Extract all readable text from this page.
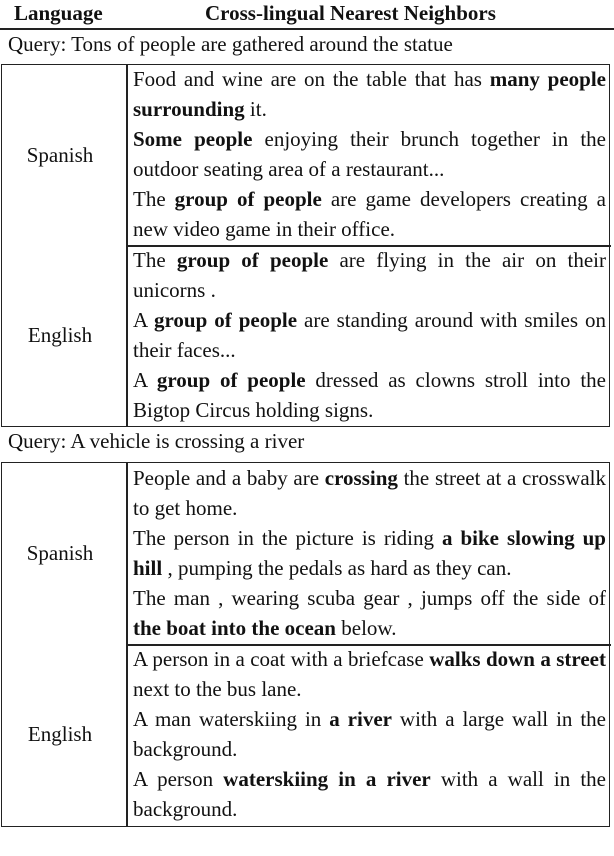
Language	Cross-lingual Nearest Neighbors
Query: Tons of people are gathered around the statue
Spanish
Food and wine are on the table that has many people surrounding it.
Some people enjoying their brunch together in the outdoor seating area of a restaurant...
The group of people are game developers creating a new video game in their office.
English
The group of people are flying in the air on their unicorns .
A group of people are standing around with smiles on their faces...
A group of people dressed as clowns stroll into the Bigtop Circus holding signs.
Query: A vehicle is crossing a river
Spanish
People and a baby are crossing the street at a crosswalk to get home.
The person in the picture is riding a bike slowing up hill , pumping the pedals as hard as they can.
The man , wearing scuba gear , jumps off the side of the boat into the ocean below.
English
A person in a coat with a briefcase walks down a street next to the bus lane.
A man waterskiing in a river with a large wall in the background.
A person waterskiing in a river with a wall in the background.
